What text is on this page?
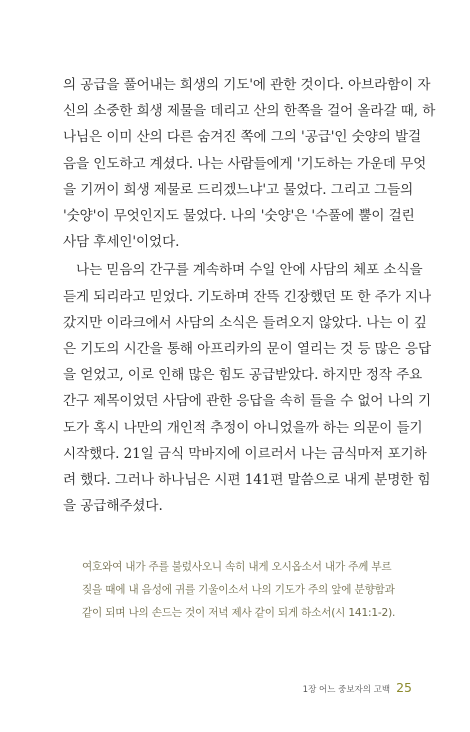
의 공급을 풀어내는 희생의 기도'에 관한 것이다. 아브라함이 자

신의 소중한 희생 제물을 데리고 산의 한쪽을 걸어 올라갈 때, 하

나님은 이미 산의 다른 숨겨진 쪽에 그의 '공급'인 숫양의 발걸

음을 인도하고 계셨다. 나는 사람들에게 '기도하는 가운데 무엇

을 기꺼이 희생 제물로 드리겠느냐'고 물었다. 그리고 그들의

'숫양'이 무엇인지도 물었다. 나의 '숫양'은 '수풀에 뿔이 걸린

사담 후세인'이었다.

나는 믿음의 간구를 계속하며 수일 안에 사담의 체포 소식을

듣게 되리라고 믿었다. 기도하며 잔뜩 긴장했던 또 한 주가 지나

갔지만 이라크에서 사담의 소식은 들려오지 않았다. 나는 이 깊

은 기도의 시간을 통해 아프리카의 문이 열리는 것 등 많은 응답

을 얻었고, 이로 인해 많은 힘도 공급받았다. 하지만 정작 주요

간구 제목이었던 사담에 관한 응답을 속히 들을 수 없어 나의 기

도가 혹시 나만의 개인적 추정이 아니었을까 하는 의문이 들기

시작했다. 21일 금식 막바지에 이르러서 나는 금식마저 포기하

려 했다. 그러나 하나님은 시편 141편 말씀으로 내게 분명한 힘

을 공급해주셨다.

여호와여 내가 주를 불렀사오니 속히 내게 오시옵소서 내가 주께 부르

짖을 때에 내 음성에 귀를 기울이소서 나의 기도가 주의 앞에 분향함과

같이 되며 나의 손드는 것이 저녁 제사 같이 되게 하소서(시 141:1-2).

1장 어느 중보자의 고백 25
